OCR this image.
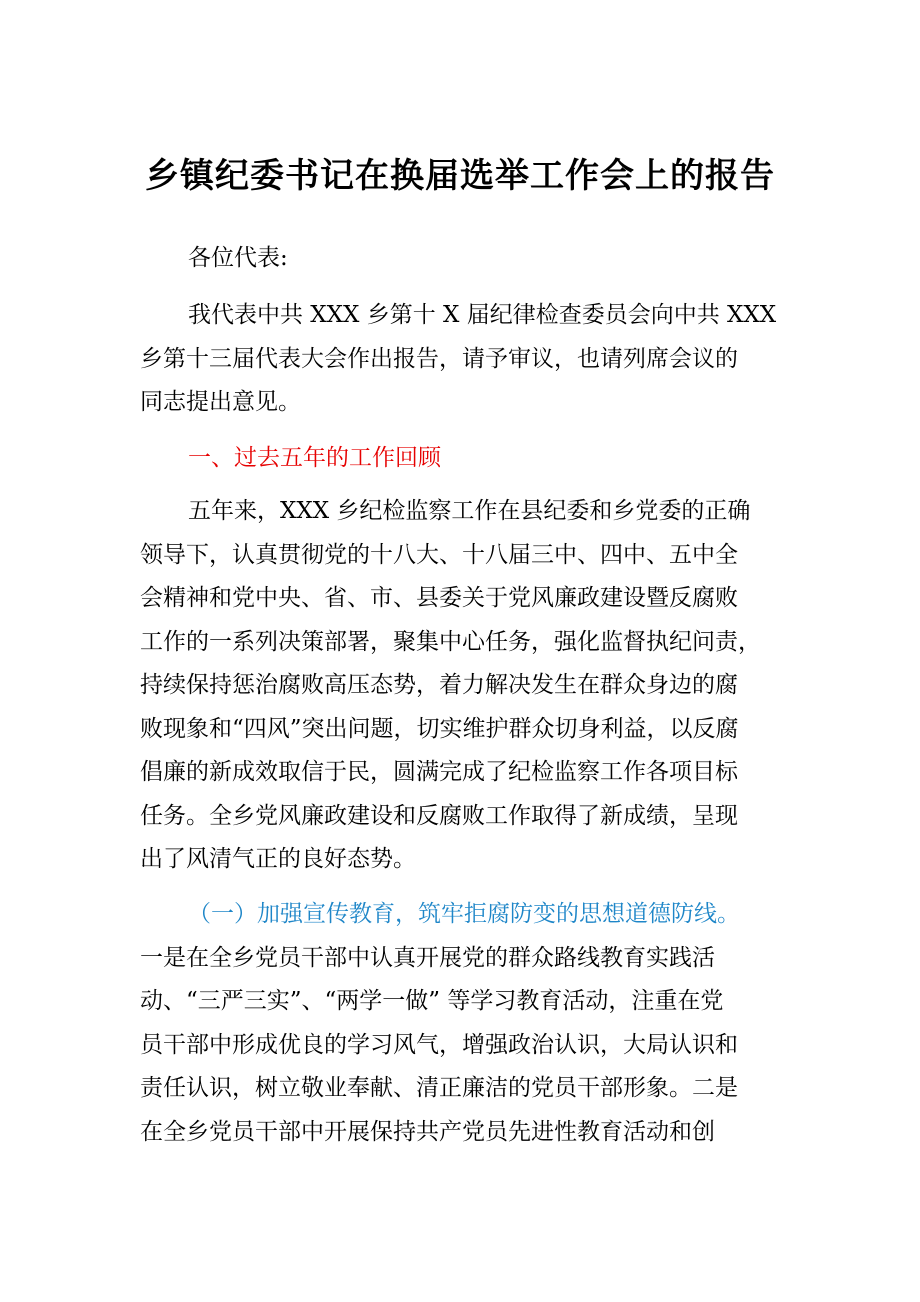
乡镇纪委书记在换届选举工作会上的报告
各位代表:
我代表中共 XXX 乡第十 X 届纪律检查委员会向中共 XXX
乡第十三届代表大会作出报告，请予审议，也请列席会议的
同志提出意见。
一、过去五年的工作回顾
五年来，XXX 乡纪检监察工作在县纪委和乡党委的正确
领导下，认真贯彻党的十八大、十八届三中、四中、五中全
会精神和党中央、省、市、县委关于党风廉政建设暨反腐败
工作的一系列决策部署，聚集中心任务，强化监督执纪问责，
持续保持惩治腐败高压态势，着力解决发生在群众身边的腐
败现象和“四风”突出问题，切实维护群众切身利益，以反腐
倡廉的新成效取信于民，圆满完成了纪检监察工作各项目标
任务。全乡党风廉政建设和反腐败工作取得了新成绩，呈现
出了风清气正的良好态势。
（一）加强宣传教育，筑牢拒腐防变的思想道德防线。
一是在全乡党员干部中认真开展党的群众路线教育实践活
动、“三严三实”、“两学一做” 等学习教育活动，注重在党
员干部中形成优良的学习风气，增强政治认识，大局认识和
责任认识，树立敬业奉献、清正廉洁的党员干部形象。二是
在全乡党员干部中开展保持共产党员先进性教育活动和创
